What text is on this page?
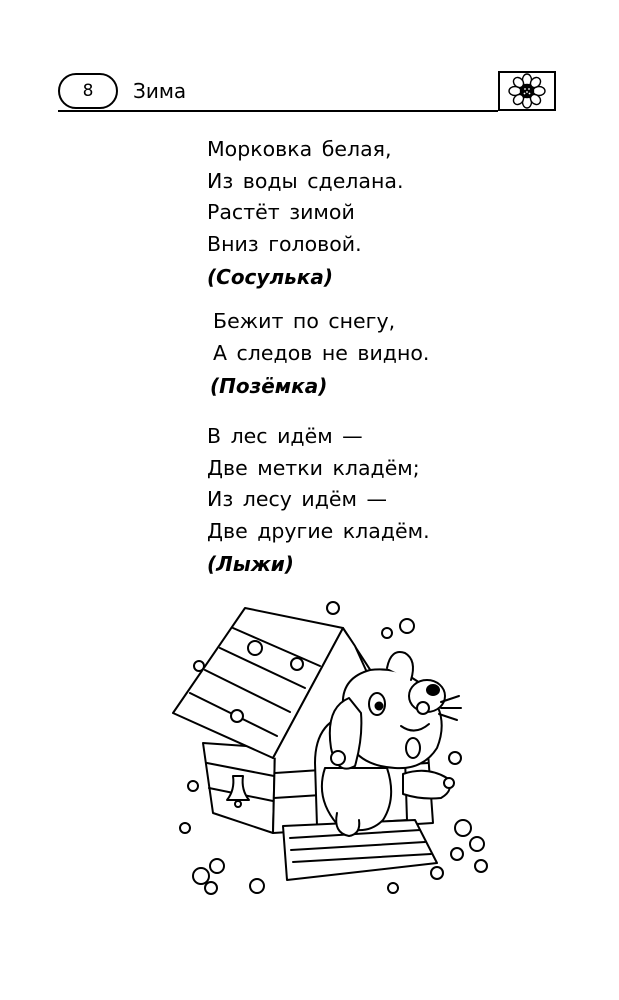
8	Зима
Морковка белая,
Из воды сделана.
Растёт зимой
Вниз головой.
(Сосулька)
Бежит по снегу,
А следов не видно.
(Позёмка)
В лес идём —
Две метки кладём;
Из лесу идём —
Две другие кладём.
(Лыжи)
